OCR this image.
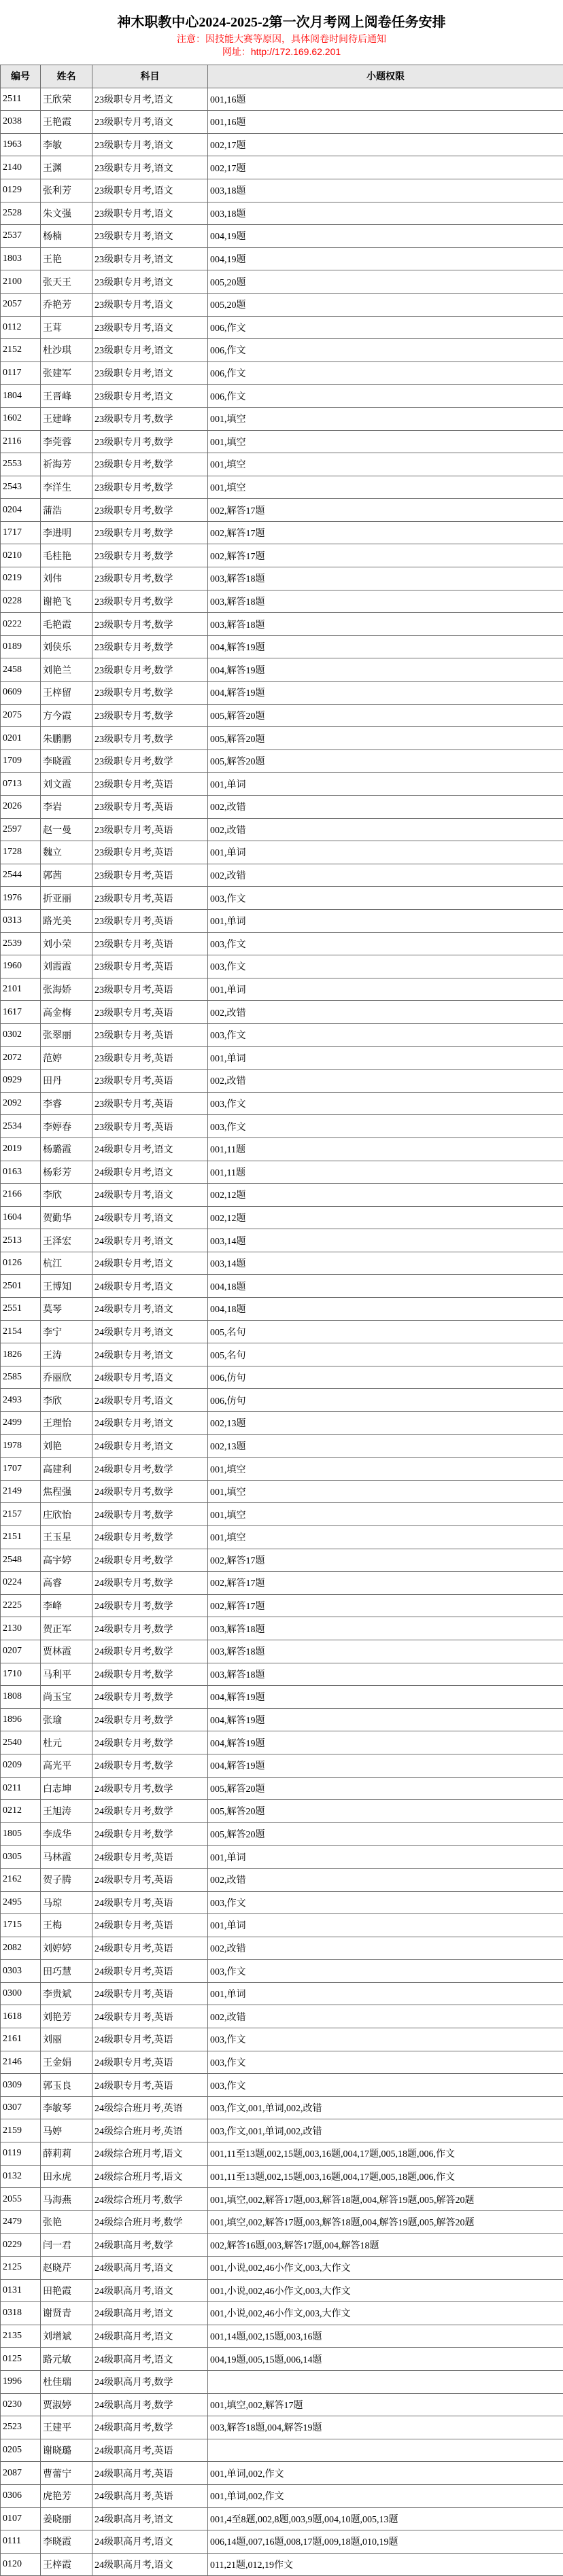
神木职教中心2024-2025-2第一次月考网上阅卷任务安排
注意：因技能大赛等原因，具体阅卷时间待后通知
网址：http://172.169.62.201
编号	姓名	科目	小题权限
2511	王欣荣	23级职专月考,语文	001,16题
2038	王艳霞	23级职专月考,语文	001,16题
1963	李敏	23级职专月考,语文	002,17题
2140	王渊	23级职专月考,语文	002,17题
0129	张利芳	23级职专月考,语文	003,18题
2528	朱文强	23级职专月考,语文	003,18题
2537	杨楠	23级职专月考,语文	004,19题
1803	王艳	23级职专月考,语文	004,19题
2100	张天王	23级职专月考,语文	005,20题
2057	乔艳芳	23级职专月考,语文	005,20题
0112	王茸	23级职专月考,语文	006,作文
2152	杜沙琪	23级职专月考,语文	006,作文
0117	张建军	23级职专月考,语文	006,作文
1804	王晋峰	23级职专月考,语文	006,作文
1602	王建峰	23级职专月考,数学	001,填空
2116	李莞蓉	23级职专月考,数学	001,填空
2553	祈海芳	23级职专月考,数学	001,填空
2543	李洋生	23级职专月考,数学	001,填空
0204	蒲浩	23级职专月考,数学	002,解答17题
1717	李进明	23级职专月考,数学	002,解答17题
0210	毛桂艳	23级职专月考,数学	002,解答17题
0219	刘伟	23级职专月考,数学	003,解答18题
0228	谢艳飞	23级职专月考,数学	003,解答18题
0222	毛艳霞	23级职专月考,数学	003,解答18题
0189	刘侠乐	23级职专月考,数学	004,解答19题
2458	刘艳兰	23级职专月考,数学	004,解答19题
0609	王梓留	23级职专月考,数学	004,解答19题
2075	方今霞	23级职专月考,数学	005,解答20题
0201	朱鹏鹏	23级职专月考,数学	005,解答20题
1709	李晓霞	23级职专月考,数学	005,解答20题
0713	刘文霞	23级职专月考,英语	001,单词
2026	李岩	23级职专月考,英语	002,改错
2597	赵一曼	23级职专月考,英语	002,改错
1728	魏立	23级职专月考,英语	001,单词
2544	郭茜	23级职专月考,英语	002,改错
1976	折亚丽	23级职专月考,英语	003,作文
0313	路光美	23级职专月考,英语	001,单词
2539	刘小荣	23级职专月考,英语	003,作文
1960	刘霞霞	23级职专月考,英语	003,作文
2101	张海娇	23级职专月考,英语	001,单词
1617	高金梅	23级职专月考,英语	002,改错
0302	张翠丽	23级职专月考,英语	003,作文
2072	范婷	23级职专月考,英语	001,单词
0929	田丹	23级职专月考,英语	002,改错
2092	李睿	23级职专月考,英语	003,作文
2534	李婷春	23级职专月考,英语	003,作文
2019	杨璐霞	24级职专月考,语文	001,11题
0163	杨彩芳	24级职专月考,语文	001,11题
2166	李欣	24级职专月考,语文	002,12题
1604	贺勤华	24级职专月考,语文	002,12题
2513	王泽宏	24级职专月考,语文	003,14题
0126	杭江	24级职专月考,语文	003,14题
2501	王博知	24级职专月考,语文	004,18题
2551	莫琴	24级职专月考,语文	004,18题
2154	李宁	24级职专月考,语文	005,名句
1826	王涛	24级职专月考,语文	005,名句
2585	乔丽欣	24级职专月考,语文	006,仿句
2493	李欣	24级职专月考,语文	006,仿句
2499	王理怡	24级职专月考,语文	002,13题
1978	刘艳	24级职专月考,语文	002,13题
1707	高建利	24级职专月考,数学	001,填空
2149	焦程强	24级职专月考,数学	001,填空
2157	庄欣怡	24级职专月考,数学	001,填空
2151	王玉星	24级职专月考,数学	001,填空
2548	高宇婷	24级职专月考,数学	002,解答17题
0224	高睿	24级职专月考,数学	002,解答17题
2225	李峰	24级职专月考,数学	002,解答17题
2130	贺正军	24级职专月考,数学	003,解答18题
0207	贾林霞	24级职专月考,数学	003,解答18题
1710	马利平	24级职专月考,数学	003,解答18题
1808	尚玉宝	24级职专月考,数学	004,解答19题
1896	张瑜	24级职专月考,数学	004,解答19题
2540	杜元	24级职专月考,数学	004,解答19题
0209	高光平	24级职专月考,数学	004,解答19题
0211	白志坤	24级职专月考,数学	005,解答20题
0212	王旭涛	24级职专月考,数学	005,解答20题
1805	李成华	24级职专月考,数学	005,解答20题
0305	马林霞	24级职专月考,英语	001,单词
2162	贺子腾	24级职专月考,英语	002,改错
2495	马琼	24级职专月考,英语	003,作文
1715	王梅	24级职专月考,英语	001,单词
2082	刘婷婷	24级职专月考,英语	002,改错
0303	田巧慧	24级职专月考,英语	003,作文
0300	李贵斌	24级职专月考,英语	001,单词
1618	刘艳芳	24级职专月考,英语	002,改错
2161	刘丽	24级职专月考,英语	003,作文
2146	王金娟	24级职专月考,英语	003,作文
0309	郭玉良	24级职专月考,英语	003,作文
0307	李敏琴	24级综合班月考,英语	003,作文,001,单词,002,改错
2159	马婷	24级综合班月考,英语	003,作文,001,单词,002,改错
0119	薛莉莉	24级综合班月考,语文	001,11至13题,002,15题,003,16题,004,17题,005,18题,006,作文
0132	田永虎	24级综合班月考,语文	001,11至13题,002,15题,003,16题,004,17题,005,18题,006,作文
2055	马海燕	24级综合班月考,数学	001,填空,002,解答17题,003,解答18题,004,解答19题,005,解答20题
2479	张艳	24级综合班月考,数学	001,填空,002,解答17题,003,解答18题,004,解答19题,005,解答20题
0229	闫一君	24级职高月考,数学	002,解答16题,003,解答17题,004,解答18题
2125	赵晓芹	24级职高月考,语文	001,小说,002,46小作文,003,大作文
0131	田艳霞	24级职高月考,语文	001,小说,002,46小作文,003,大作文
0318	谢贤青	24级职高月考,语文	001,小说,002,46小作文,003,大作文
2135	刘增斌	24级职高月考,语文	001,14题,002,15题,003,16题
0125	路元敏	24级职高月考,语文	004,19题,005,15题,006,14题
1996	杜佳瑞	24级职高月考,数学	
0230	贾淑婷	24级职高月考,数学	001,填空,002,解答17题
2523	王建平	24级职高月考,数学	003,解答18题,004,解答19题
0205	谢晓璐	24级职高月考,英语	
2087	曹蕾宁	24级职高月考,英语	001,单词,002,作文
0306	虎艳芳	24级职高月考,英语	001,单词,002,作文
0107	姜晓丽	24级职高月考,语文	001,4至8题,002,8题,003,9题,004,10题,005,13题
0111	李晓霞	24级职高月考,语文	006,14题,007,16题,008,17题,009,18题,010,19题
0120	王梓霞	24级职高月考,语文	011,21题,012,19作文
